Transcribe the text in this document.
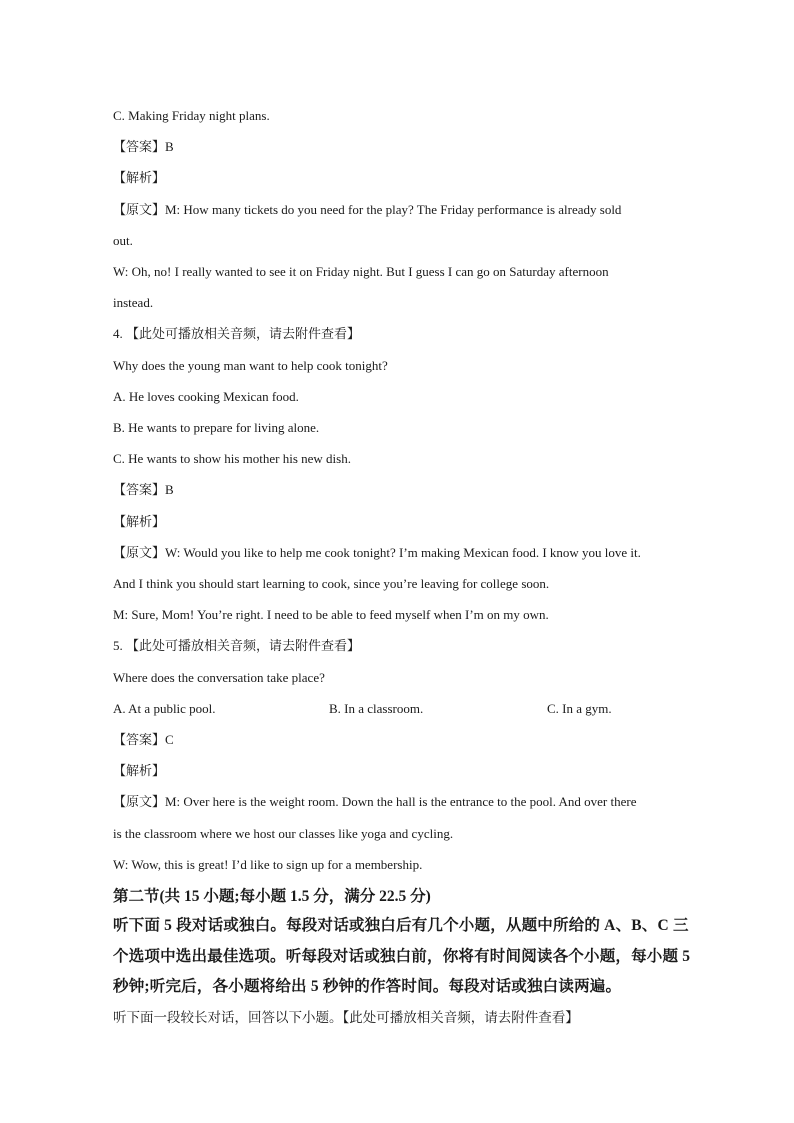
C. Making Friday night plans.
【答案】B
【解析】
【原文】M: How many tickets do you need for the play? The Friday performance is already sold
out.
W: Oh, no! I really wanted to see it on Friday night. But I guess I can go on Saturday afternoon
instead.
4. 【此处可播放相关音频，请去附件查看】
Why does the young man want to help cook tonight?
A. He loves cooking Mexican food.
B. He wants to prepare for living alone.
C. He wants to show his mother his new dish.
【答案】B
【解析】
【原文】W: Would you like to help me cook tonight? I’m making Mexican food. I know you love it.
And I think you should start learning to cook, since you’re leaving for college soon.
M: Sure, Mom! You’re right. I need to be able to feed myself when I’m on my own.
5. 【此处可播放相关音频，请去附件查看】
Where does the conversation take place?
A. At a public pool.	B. In a classroom.	C. In a gym.
【答案】C
【解析】
【原文】M: Over here is the weight room. Down the hall is the entrance to the pool. And over there
is the classroom where we host our classes like yoga and cycling.
W: Wow, this is great! I’d like to sign up for a membership.
第二节(共 15 小题;每小题 1.5 分，满分 22.5 分)
听下面 5 段对话或独白。每段对话或独白后有几个小题，从题中所给的 A、B、C 三个选项中选出最佳选项。听每段对话或独白前，你将有时间阅读各个小题，每小题 5 秒钟;听完后，各小题将给出 5 秒钟的作答时间。每段对话或独白读两遍。
听下面一段较长对话，回答以下小题。【此处可播放相关音频，请去附件查看】
